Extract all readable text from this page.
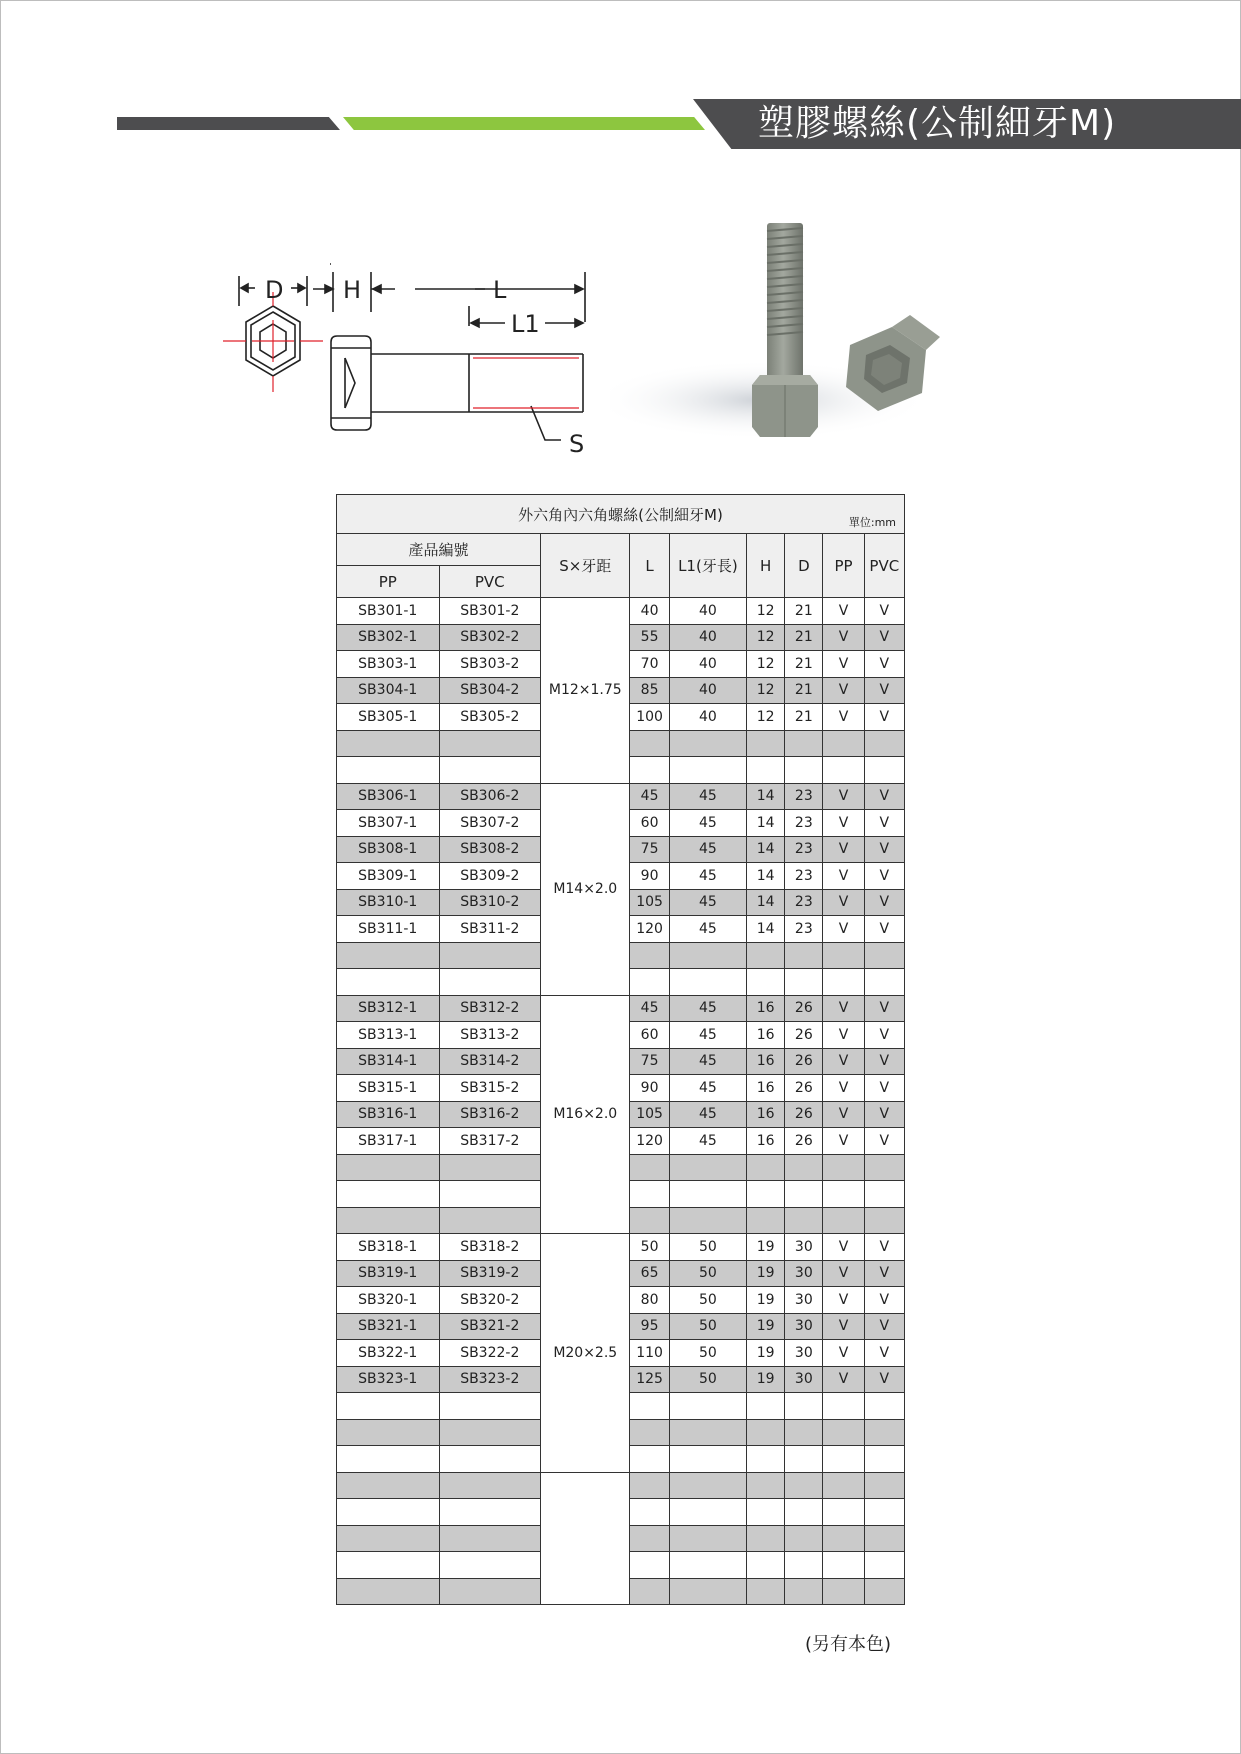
塑膠螺絲(公制細牙M)
D H	L
L1
S
外六角內六角螺絲(公制細牙M) 單位:mm								

產品編號		S×牙距	L	L1(牙長)	H	D	PP	PVC
PP	PVC							
SB301-1	SB301-2	M12×1.75	40	40	12	21	V	V
SB302-1	SB302-2		55	40	12	21	V	V
SB303-1	SB303-2		70	40	12	21	V	V
SB304-1	SB304-2		85	40	12	21	V	V
SB305-1	SB305-2		100	40	12	21	V	V

SB306-1	SB306-2	M14×2.0	45	45	14	23	V	V
SB307-1	SB307-2		60	45	14	23	V	V
SB308-1	SB308-2		75	45	14	23	V	V
SB309-1	SB309-2		90	45	14	23	V	V
SB310-1	SB310-2		105	45	14	23	V	V
SB311-1	SB311-2		120	45	14	23	V	V

SB312-1	SB312-2	M16×2.0	45	45	16	26	V	V
SB313-1	SB313-2		60	45	16	26	V	V
SB314-1	SB314-2		75	45	16	26	V	V
SB315-1	SB315-2		90	45	16	26	V	V
SB316-1	SB316-2		105	45	16	26	V	V
SB317-1	SB317-2		120	45	16	26	V	V

SB318-1	SB318-2	M20×2.5	50	50	19	30	V	V
SB319-1	SB319-2		65	50	19	30	V	V
SB320-1	SB320-2		80	50	19	30	V	V
SB321-1	SB321-2		95	50	19	30	V	V
SB322-1	SB322-2		110	50	19	30	V	V
SB323-1	SB323-2		125	50	19	30	V	V

(另有本色)
